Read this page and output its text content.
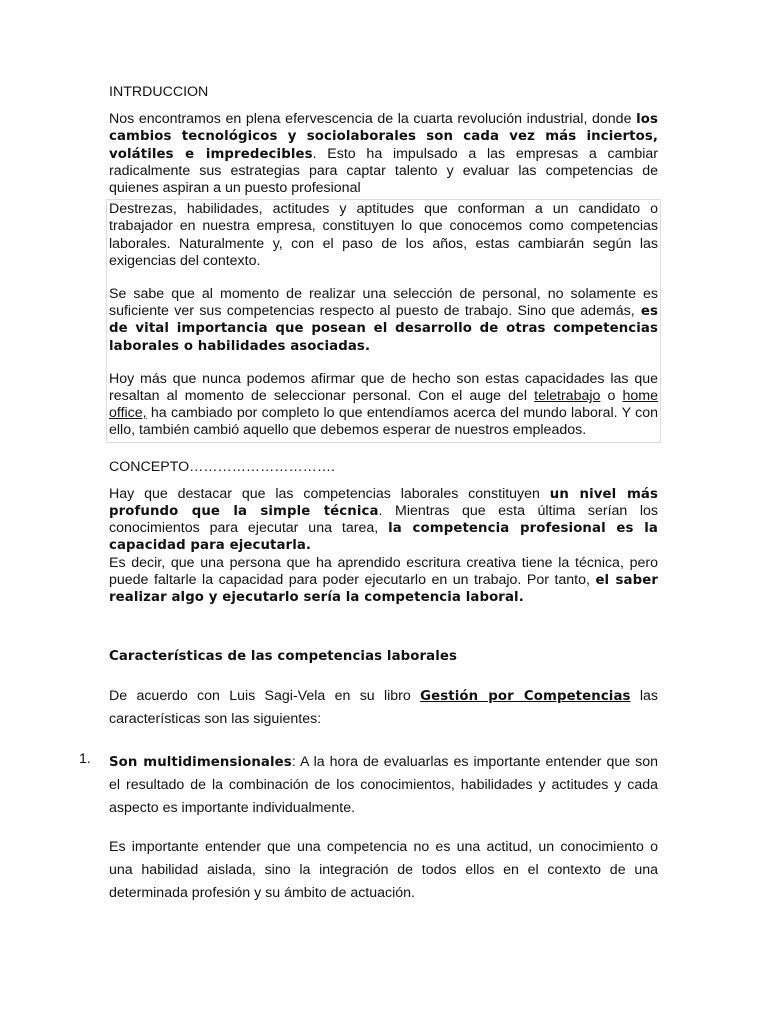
INTRDUCCION

Nos encontramos en plena efervescencia de la cuarta revolución industrial, donde los cambios tecnológicos y sociolaborales son cada vez más inciertos, volátiles e impredecibles. Esto ha impulsado a las empresas a cambiar radicalmente sus estrategias para captar talento y evaluar las competencias de quienes aspiran a un puesto profesional

Destrezas, habilidades, actitudes y aptitudes que conforman a un candidato o trabajador en nuestra empresa, constituyen lo que conocemos como competencias laborales. Naturalmente y, con el paso de los años, estas cambiarán según las exigencias del contexto.

Se sabe que al momento de realizar una selección de personal, no solamente es suficiente ver sus competencias respecto al puesto de trabajo. Sino que además, es de vital importancia que posean el desarrollo de otras competencias laborales o habilidades asociadas.

Hoy más que nunca podemos afirmar que de hecho son estas capacidades las que resaltan al momento de seleccionar personal. Con el auge del teletrabajo o home office, ha cambiado por completo lo que entendíamos acerca del mundo laboral. Y con ello, también cambió aquello que debemos esperar de nuestros empleados.

CONCEPTO………………………….

Hay que destacar que las competencias laborales constituyen un nivel más profundo que la simple técnica. Mientras que esta última serían los conocimientos para ejecutar una tarea, la competencia profesional es la capacidad para ejecutarla.

Es decir, que una persona que ha aprendido escritura creativa tiene la técnica, pero puede faltarle la capacidad para poder ejecutarlo en un trabajo. Por tanto, el saber realizar algo y ejecutarlo sería la competencia laboral.

Características de las competencias laborales

De acuerdo con Luis Sagi-Vela en su libro Gestión por Competencias las características son las siguientes:

1. Son multidimensionales: A la hora de evaluarlas es importante entender que son el resultado de la combinación de los conocimientos, habilidades y actitudes y cada aspecto es importante individualmente.

Es importante entender que una competencia no es una actitud, un conocimiento o una habilidad aislada, sino la integración de todos ellos en el contexto de una determinada profesión y su ámbito de actuación.
